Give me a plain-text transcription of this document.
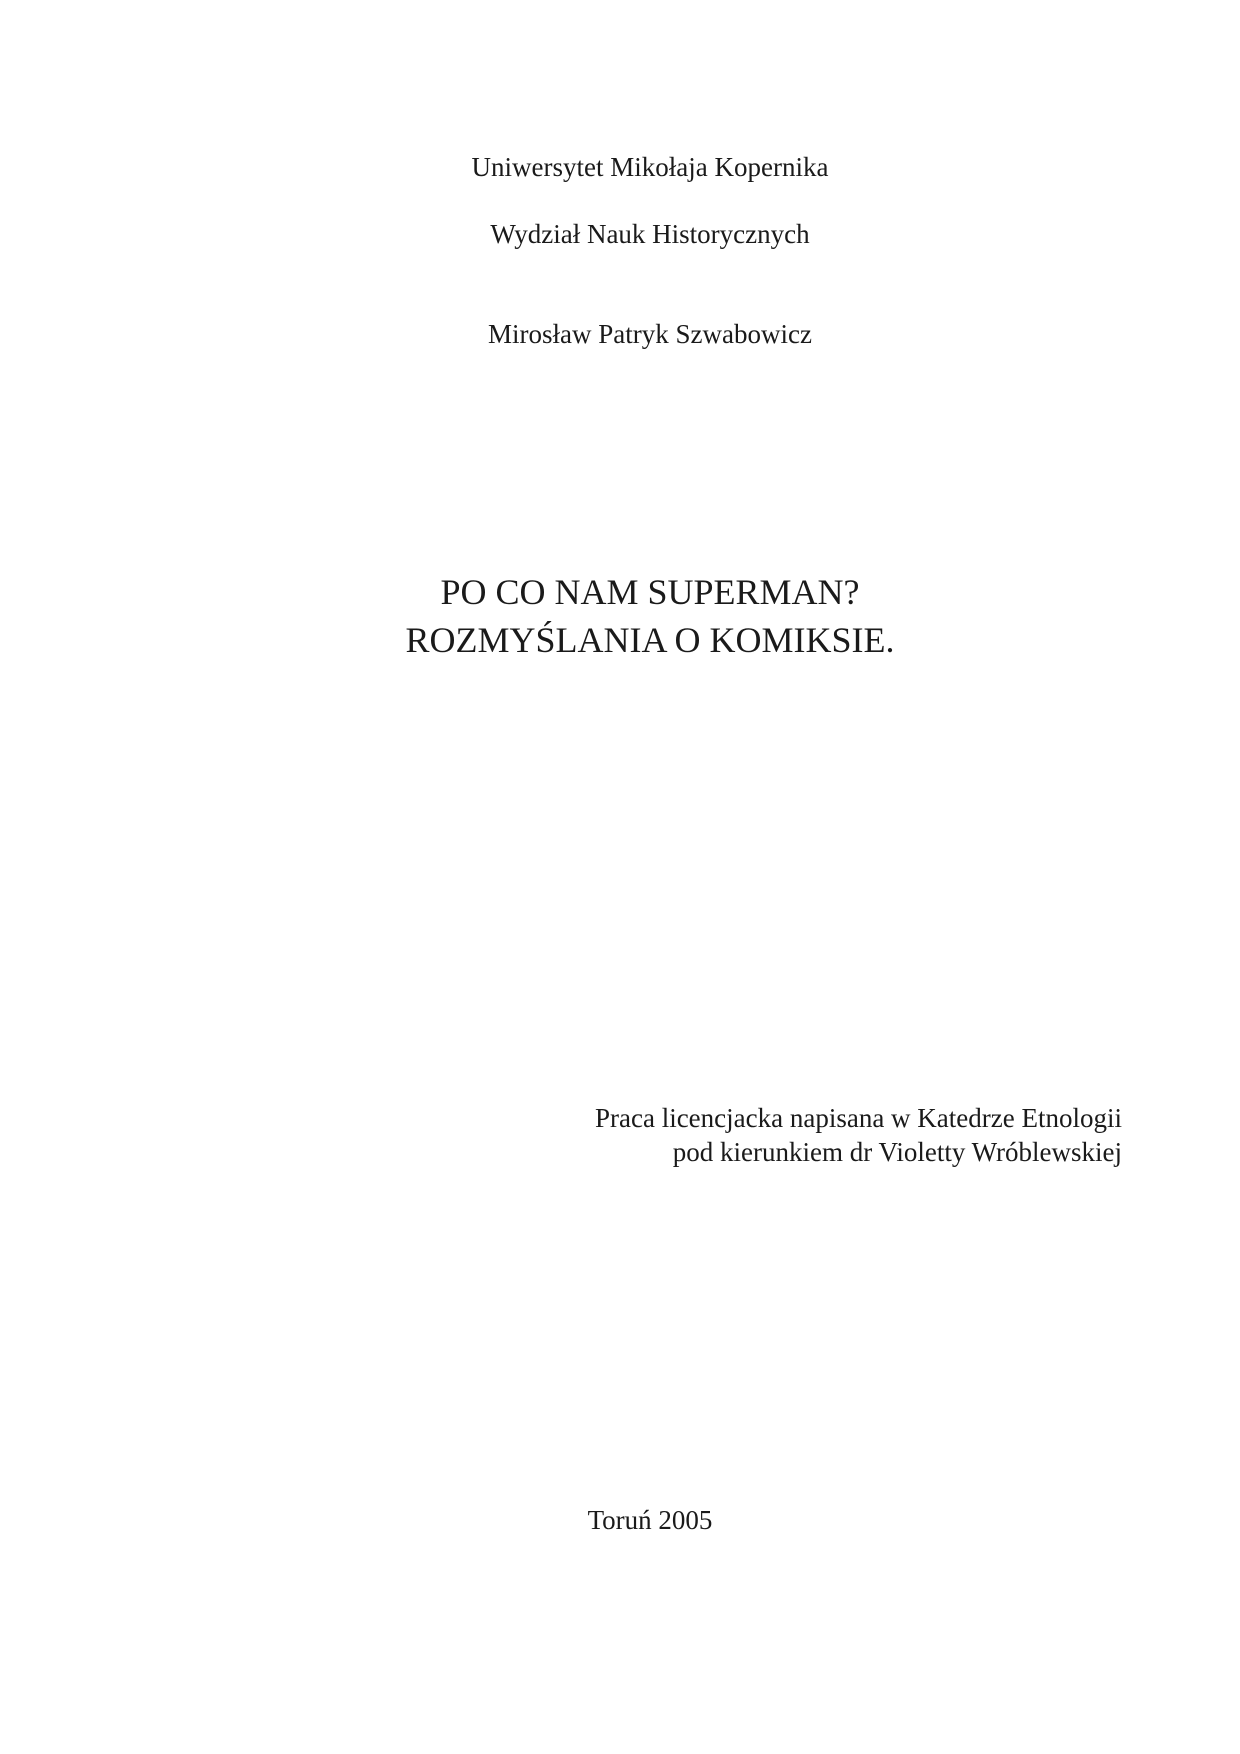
Uniwersytet Mikołaja Kopernika
Wydział Nauk Historycznych
Mirosław Patryk Szwabowicz
PO CO NAM SUPERMAN?
ROZMYŚLANIA O KOMIKSIE.
Praca licencjacka napisana w Katedrze Etnologii
pod kierunkiem dr Violetty Wróblewskiej
Toruń 2005
